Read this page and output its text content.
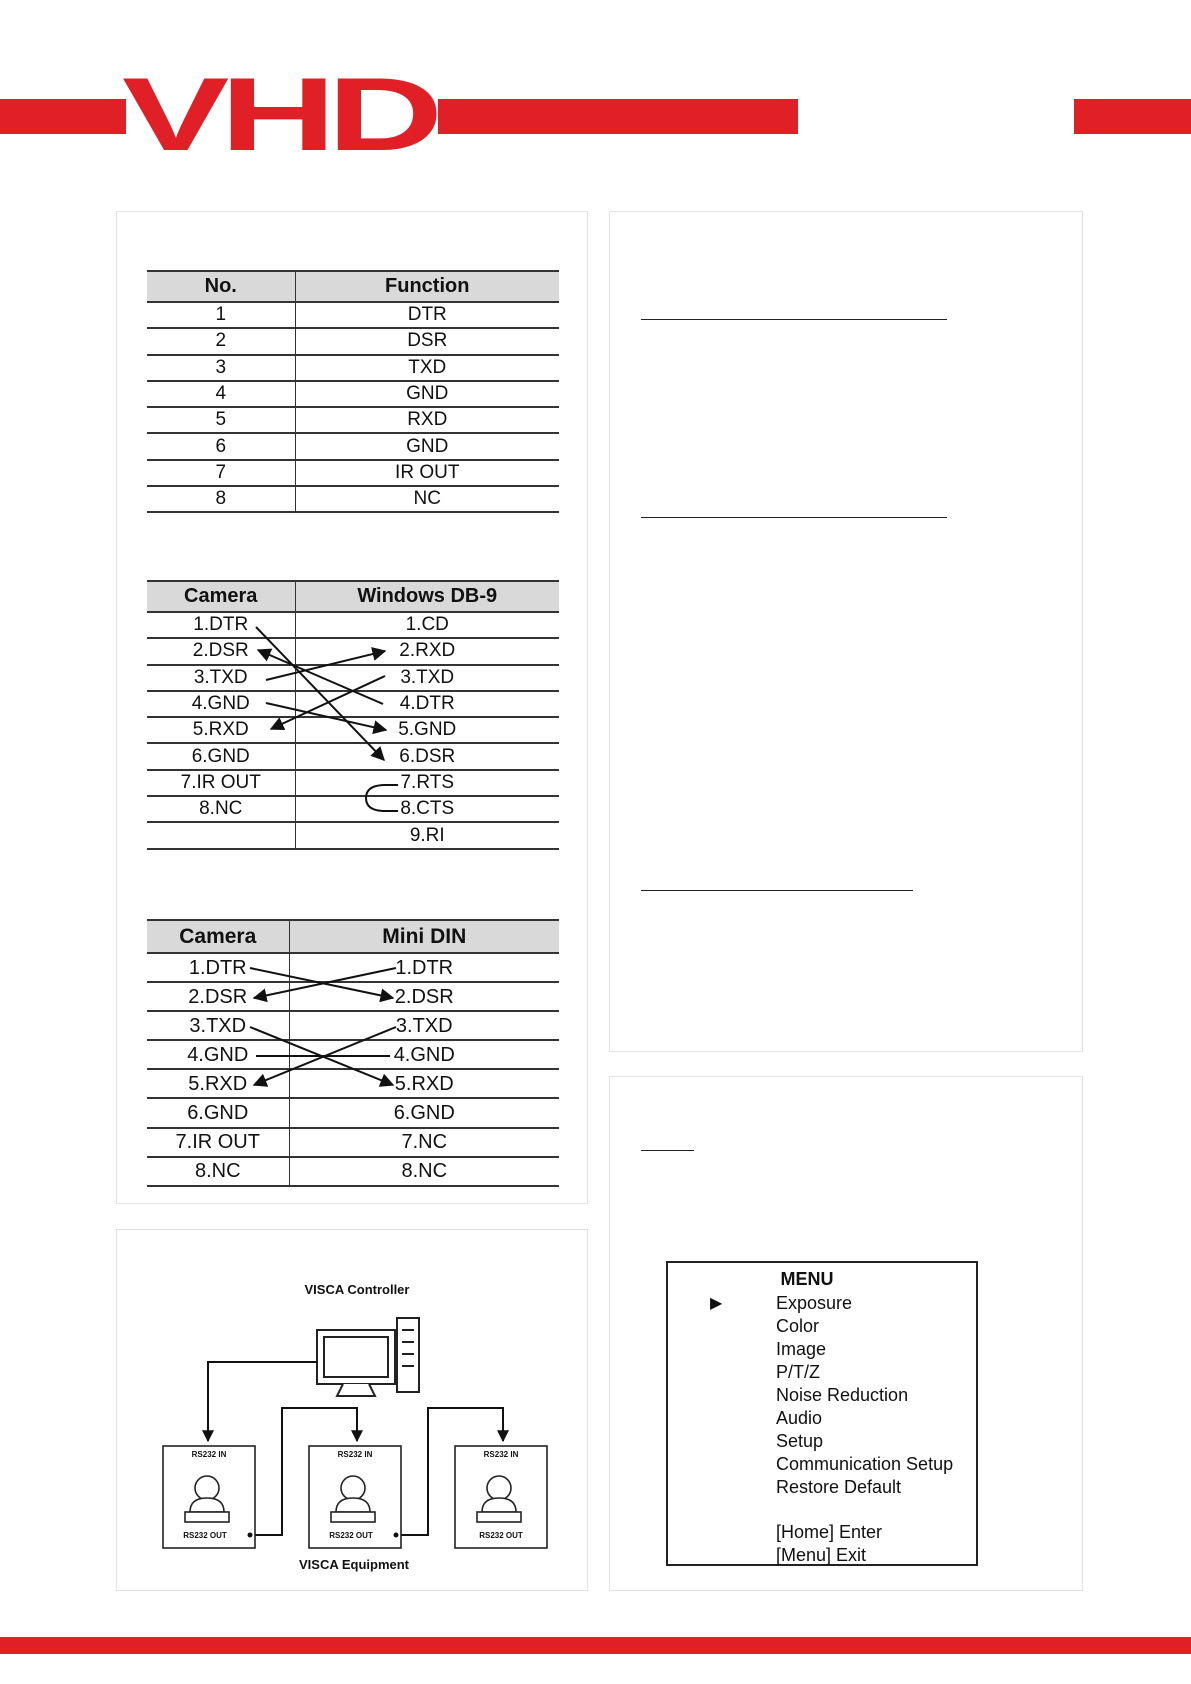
VHD
No.	Function
1	DTR
2	DSR
3	TXD
4	GND
5	RXD
6	GND
7	IR OUT
8	NC
Camera	Windows DB-9
1.DTR	1.CD
2.DSR	2.RXD
3.TXD	3.TXD
4.GND	4.DTR
5.RXD	5.GND
6.GND	6.DSR
7.IR OUT	7.RTS
8.NC	8.CTS
	9.RI
Camera	Mini DIN
1.DTR	1.DTR
2.DSR	2.DSR
3.TXD	3.TXD
4.GND	4.GND
5.RXD	5.RXD
6.GND	6.GND
7.IR OUT	7.NC
8.NC	8.NC
VISCA Controller
RS232 IN
RS232 OUT
RS232 IN
RS232 OUT
RS232 IN
RS232 OUT
VISCA Equipment
MENU
▶	Exposure
Color
Image
P/T/Z
Noise Reduction
Audio
Setup
Communication Setup
Restore Default
[Home] Enter
[Menu] Exit
